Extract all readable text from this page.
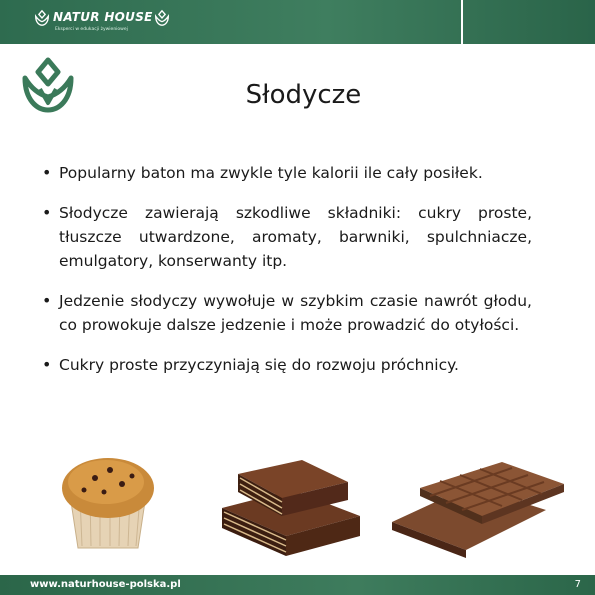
NATUR HOUSE
Eksperci w edukacji żywieniowej
Słodycze
• Popularny baton ma zwykle tyle kalorii ile cały posiłek.
• Słodycze zawierają szkodliwe składniki: cukry proste, tłuszcze utwardzone, aromaty, barwniki, spulchniacze, emulgatory, konserwanty itp.
• Jedzenie słodyczy wywołuje w szybkim czasie nawrót głodu, co prowokuje dalsze jedzenie i może prowadzić do otyłości.
• Cukry proste przyczyniają się do rozwoju próchnicy.
www.naturhouse-polska.pl	7
